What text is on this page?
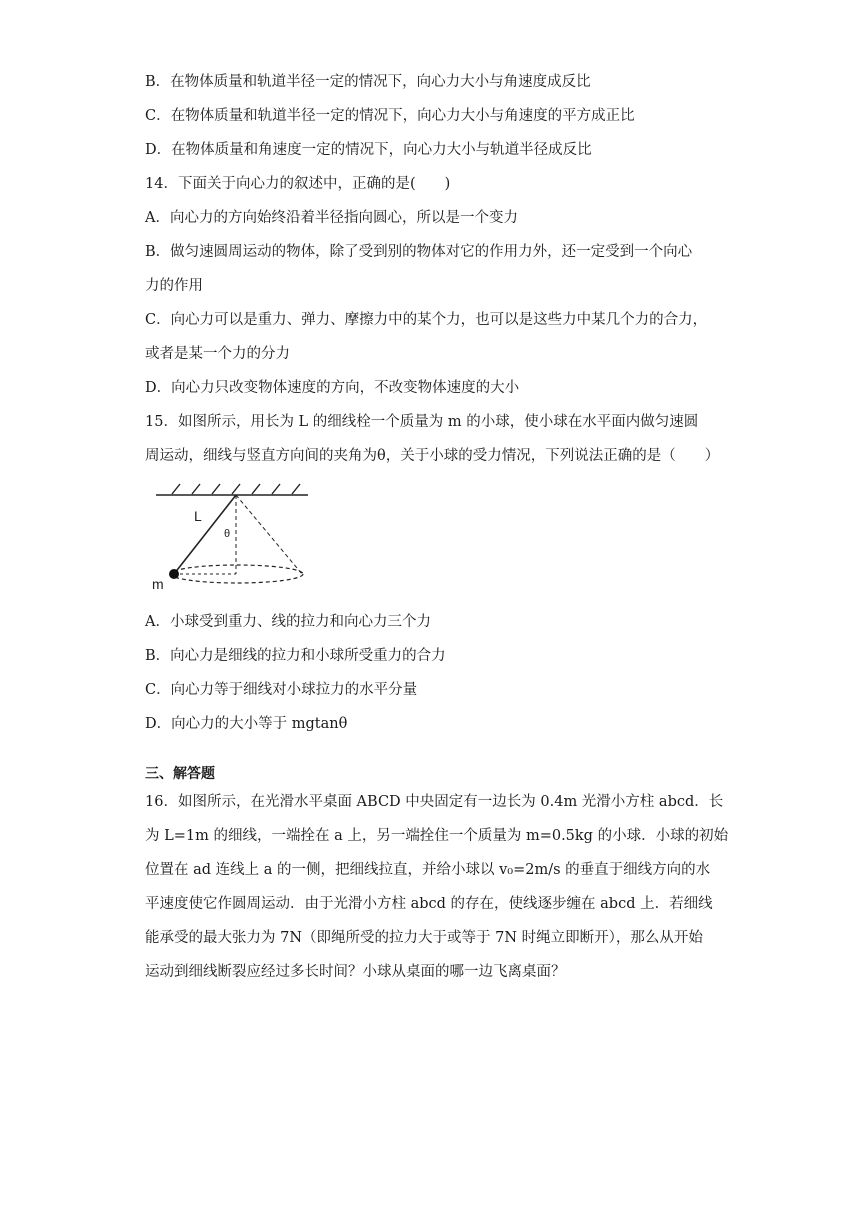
B．在物体质量和轨道半径一定的情况下，向心力大小与角速度成反比
C．在物体质量和轨道半径一定的情况下，向心力大小与角速度的平方成正比
D．在物体质量和角速度一定的情况下，向心力大小与轨道半径成反比
14．下面关于向心力的叙述中，正确的是(　　)
A．向心力的方向始终沿着半径指向圆心，所以是一个变力
B．做匀速圆周运动的物体，除了受到别的物体对它的作用力外，还一定受到一个向心
力的作用
C．向心力可以是重力、弹力、摩擦力中的某个力，也可以是这些力中某几个力的合力，
或者是某一个力的分力
D．向心力只改变物体速度的方向，不改变物体速度的大小
15．如图所示，用长为 L 的细线栓一个质量为 m 的小球，使小球在水平面内做匀速圆
周运动，细线与竖直方向间的夹角为θ，关于小球的受力情况，下列说法正确的是（　　）
L
θ
m
A．小球受到重力、线的拉力和向心力三个力
B．向心力是细线的拉力和小球所受重力的合力
C．向心力等于细线对小球拉力的水平分量
D．向心力的大小等于 mgtanθ
三、解答题
16．如图所示，在光滑水平桌面 ABCD 中央固定有一边长为 0.4m 光滑小方柱 abcd．长
为 L=1m 的细线，一端拴在 a 上，另一端拴住一个质量为 m=0.5kg 的小球．小球的初始
位置在 ad 连线上 a 的一侧，把细线拉直，并给小球以 v₀=2m/s 的垂直于细线方向的水
平速度使它作圆周运动．由于光滑小方柱 abcd 的存在，使线逐步缠在 abcd 上．若细线
能承受的最大张力为 7N（即绳所受的拉力大于或等于 7N 时绳立即断开），那么从开始
运动到细线断裂应经过多长时间？小球从桌面的哪一边飞离桌面？
